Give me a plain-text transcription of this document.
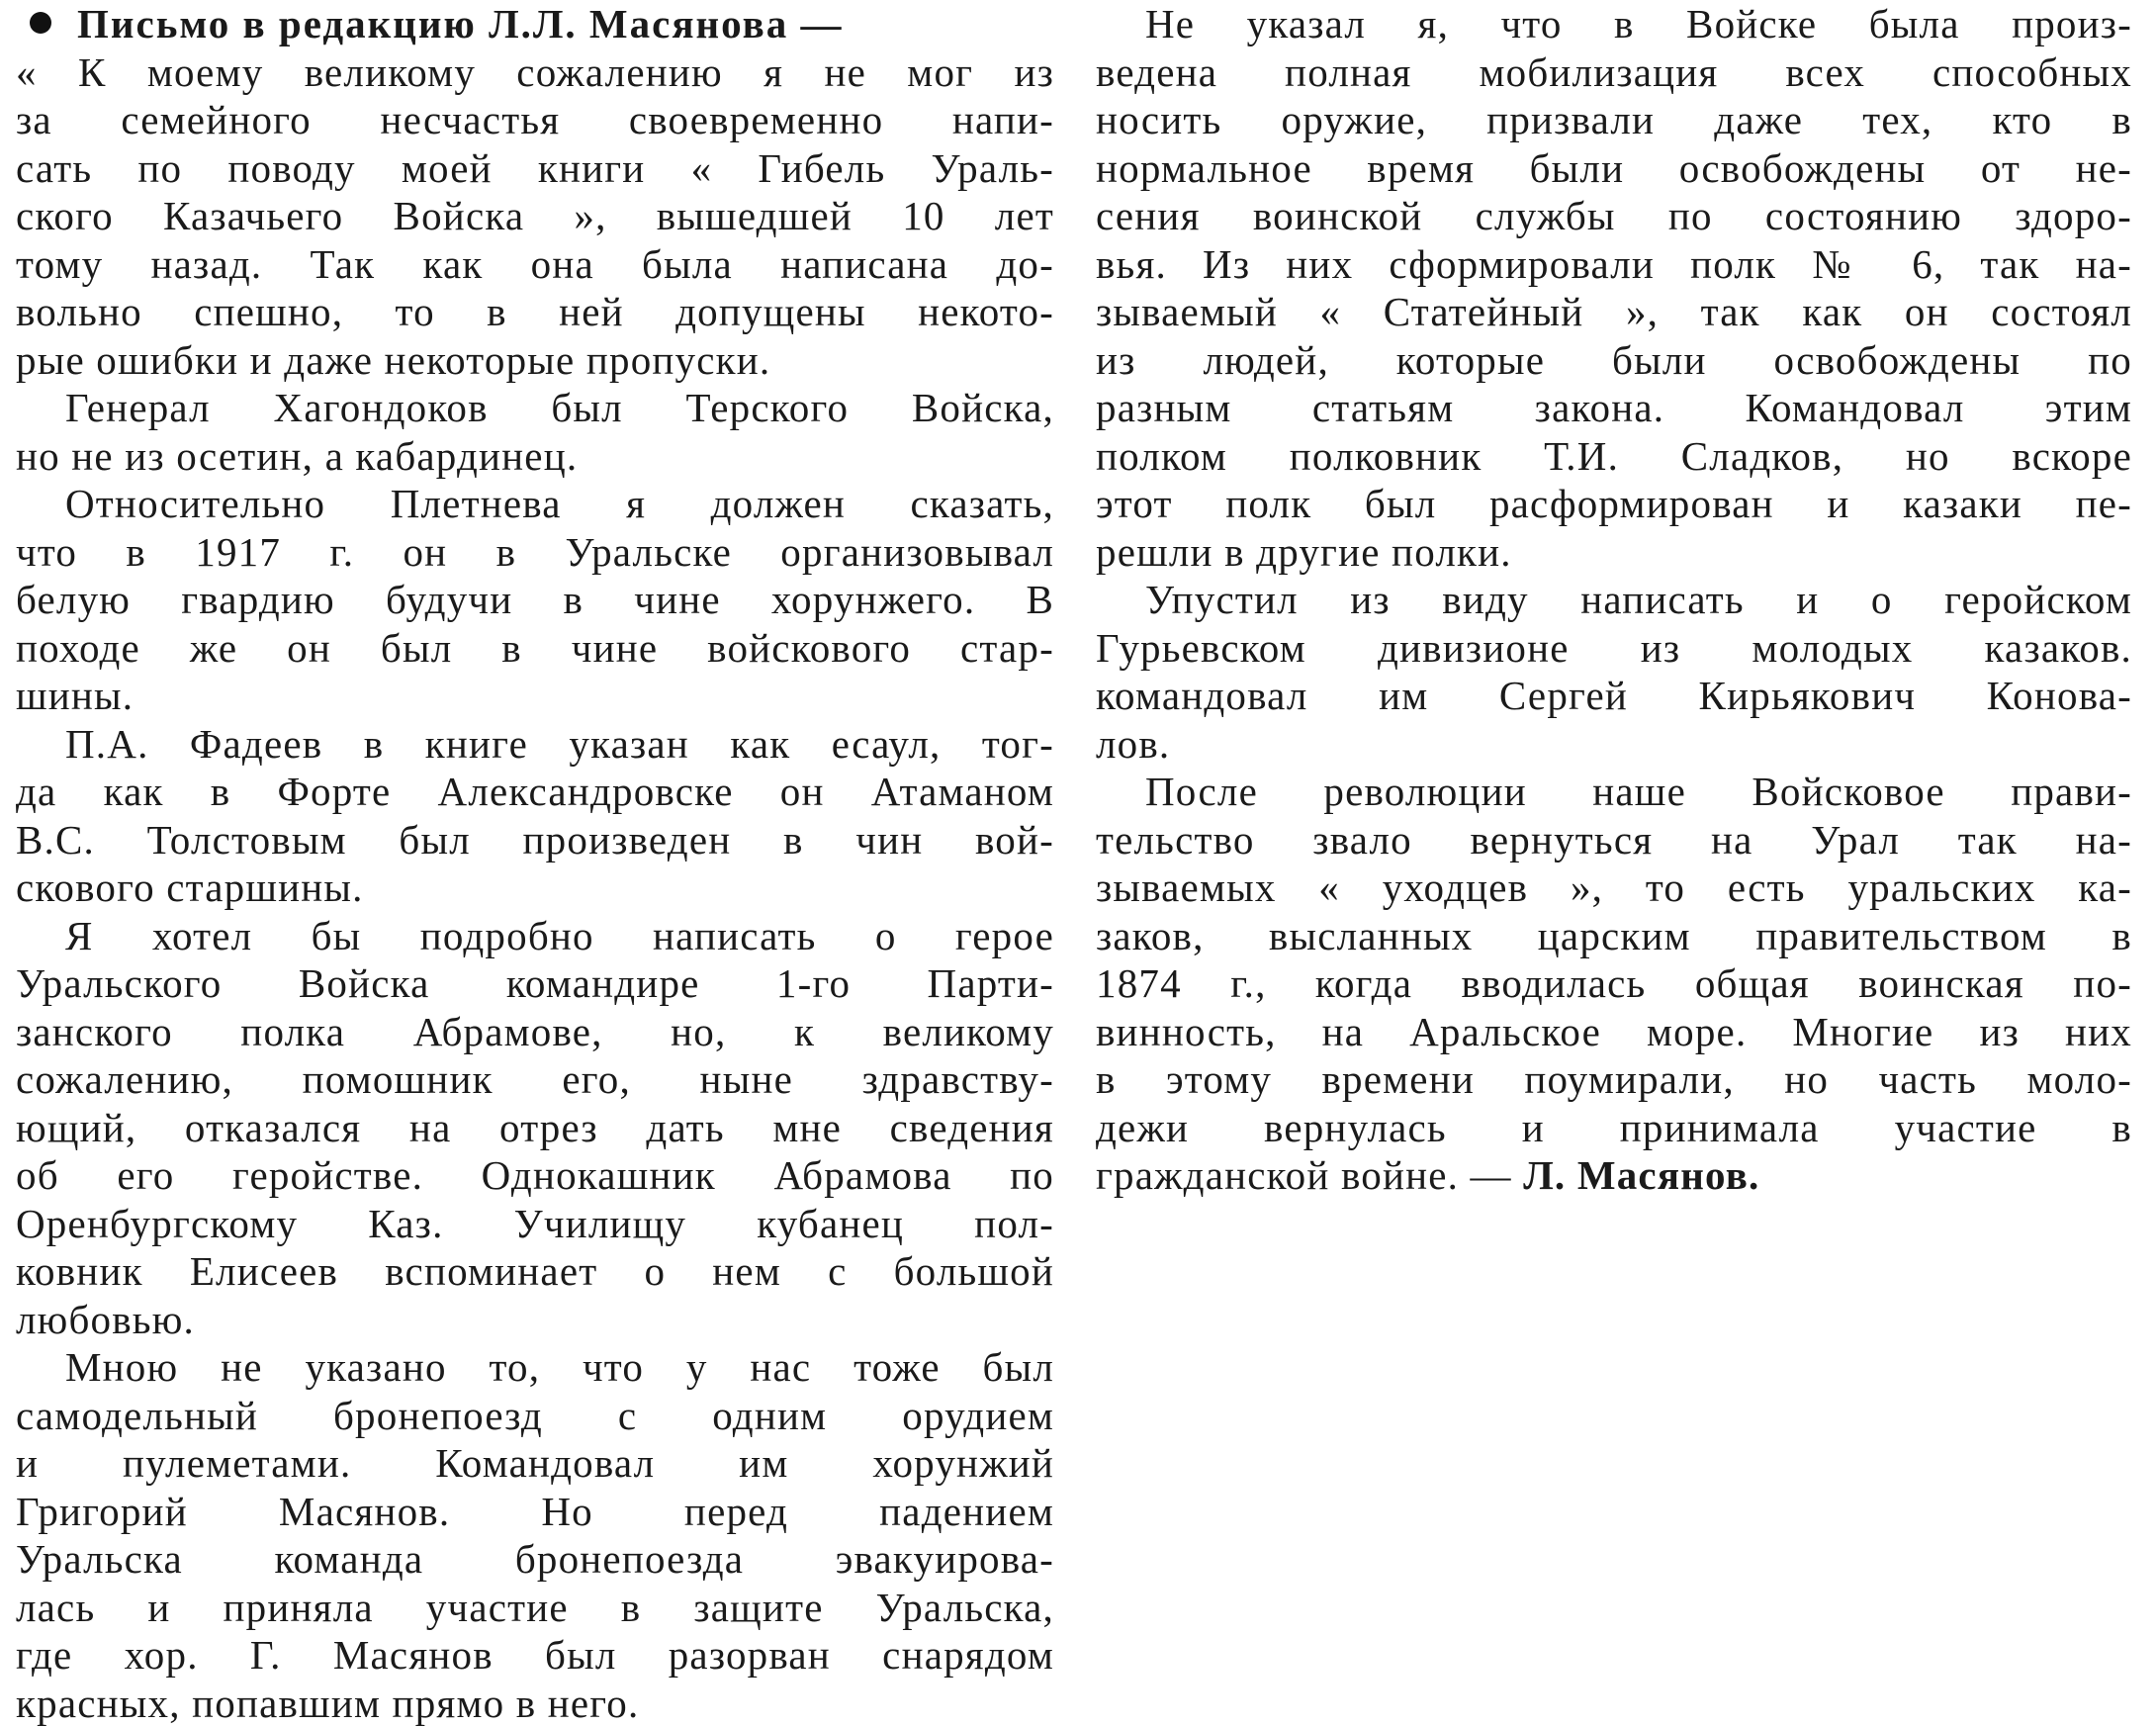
Письмо в редакцию Л.Л. Масянова —
« К моему великому сожалению я не мог из
за семейного несчастья своевременно напи-
сать по поводу моей книги « Гибель Ураль-
ского Казачьего Войска », вышедшей 10 лет
тому назад. Так как она была написана до-
вольно спешно, то в ней допущены некото-
рые ошибки и даже некоторые пропуски.
Генерал Хагондоков был Терского Войска,
но не из осетин, а кабардинец.
Относительно Плетнева я должен сказать,
что в 1917 г. он в Уральске организовывал
белую гвардию будучи в чине хорунжего. В
походе же он был в чине войскового стар-
шины.
П.А. Фадеев в книге указан как есаул, тог-
да как в Форте Александровске он Атаманом
В.С. Толстовым был произведен в чин вой-
скового старшины.
Я хотел бы подробно написать о герое
Уральского Войска командире 1-го Парти-
занского полка Абрамове, но, к великому
сожалению, помошник его, ныне здравству-
ющий, отказался на отрез дать мне сведения
об его геройстве. Однокашник Абрамова по
Оренбургскому Каз. Училищу кубанец пол-
ковник Елисеев вспоминает о нем с большой
любовью.
Мною не указано то, что у нас тоже был
самодельный бронепоезд с одним орудием
и пулеметами. Командовал им хорунжий
Григорий Масянов. Но перед падением
Уральска команда бронепоезда эвакуирова-
лась и приняла участие в защите Уральска,
где хор. Г. Масянов был разорван снарядом
красных, попавшим прямо в него.
Не указал я, что в Войске была произ-
ведена полная мобилизация всех способных
носить оружие, призвали даже тех, кто в
нормальное время были освобождены от не-
сения воинской службы по состоянию здоро-
вья. Из них сформировали полк № 6, так на-
зываемый « Статейный », так как он состоял
из людей, которые были освобождены по
разным статьям закона. Командовал этим
полком полковник Т.И. Сладков, но вскоре
этот полк был расформирован и казаки пе-
решли в другие полки.
Упустил из виду написать и о геройском
Гурьевском дивизионе из молодых казаков.
командовал им Сергей Кирьякович Конова-
лов.
После революции наше Войсковое прави-
тельство звало вернуться на Урал так на-
зываемых « уходцев », то есть уральских ка-
заков, высланных царским правительством в
1874 г., когда вводилась общая воинская по-
винность, на Аральское море. Многие из них
в этому времени поумирали, но часть моло-
дежи вернулась и принимала участие в
гражданской войне. — Л. Масянов.
